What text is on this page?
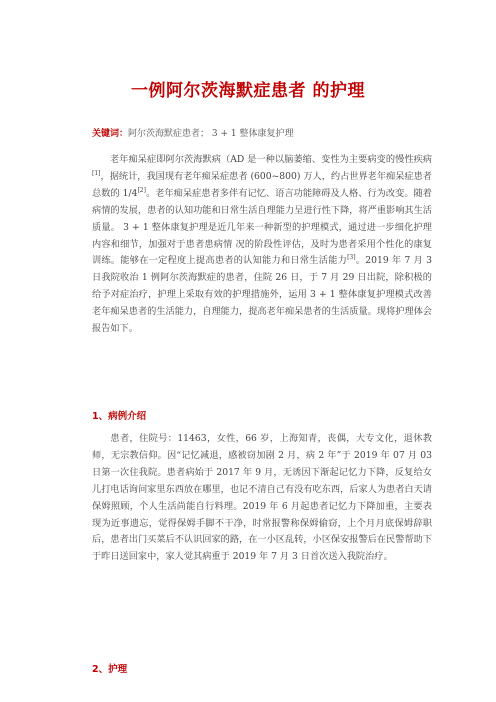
一例阿尔茨海默症患者 的护理
关键词：阿尔茨海默症患者； 3 + 1 整体康复护理

老年痴呆症即阿尔茨海默病（AD 是一种以脑萎缩、变性为主要病变的慢性疾病[1]，据统计，我国现有老年痴呆症患者 (600~800) 万人，约占世界老年痴呆症患者总数的 1/4[2]。老年痴呆症患者多伴有记忆、语言功能障碍及人格、行为改变。随着病情的发展，患者的认知功能和日常生活自理能力呈进行性下降，将严重影响其生活质量。 3 + 1 整体康复护理是近几年来一种新型的护理模式，通过进一步细化护理内容和细节，加强对于患者患病情 况的阶段性评估，及时为患者采用个性化的康复训练。能够在一定程度上提高患者的认知能力和日常生活能力[3]。2019 年 7 月 3 日我院收治 1 例阿尔茨海默症的患者，住院 26 日，于 7 月 29 日出院，除积极的给予对症治疗，护理上采取有效的护理措施外，运用 3 + 1 整体康复护理模式改善老年痴呆患者的生活能力，自理能力，提高老年痴呆患者的生活质量。现将护理体会报告如下。

1、病例介绍

患者，住院号：11463，女性，66 岁，上海知青，丧偶，大专文化，退休教师，无宗教信仰。因“记忆减退，感被窃加剧 2 月，病 2 年”于 2019 年 07 月 03 日第一次住我院。患者病始于 2017 年 9 月，无诱因下渐起记忆力下降，反复给女儿打电话询问家里东西放在哪里，也记不清自己有没有吃东西，后家人为患者白天请保姆照顾，个人生活尚能自行料理。2019 年 6 月起患者记忆力下降加重，主要表现为近事遗忘，觉得保姆手脚不干净，时常报警称保姆偷窃，上个月月底保姆辞职后，患者出门买菜后不认识回家的路，在一小区乱转，小区保安报警后在民警帮助下于昨日送回家中，家人觉其病重于 2019 年 7 月 3 日首次送入我院治疗。

2、护理
